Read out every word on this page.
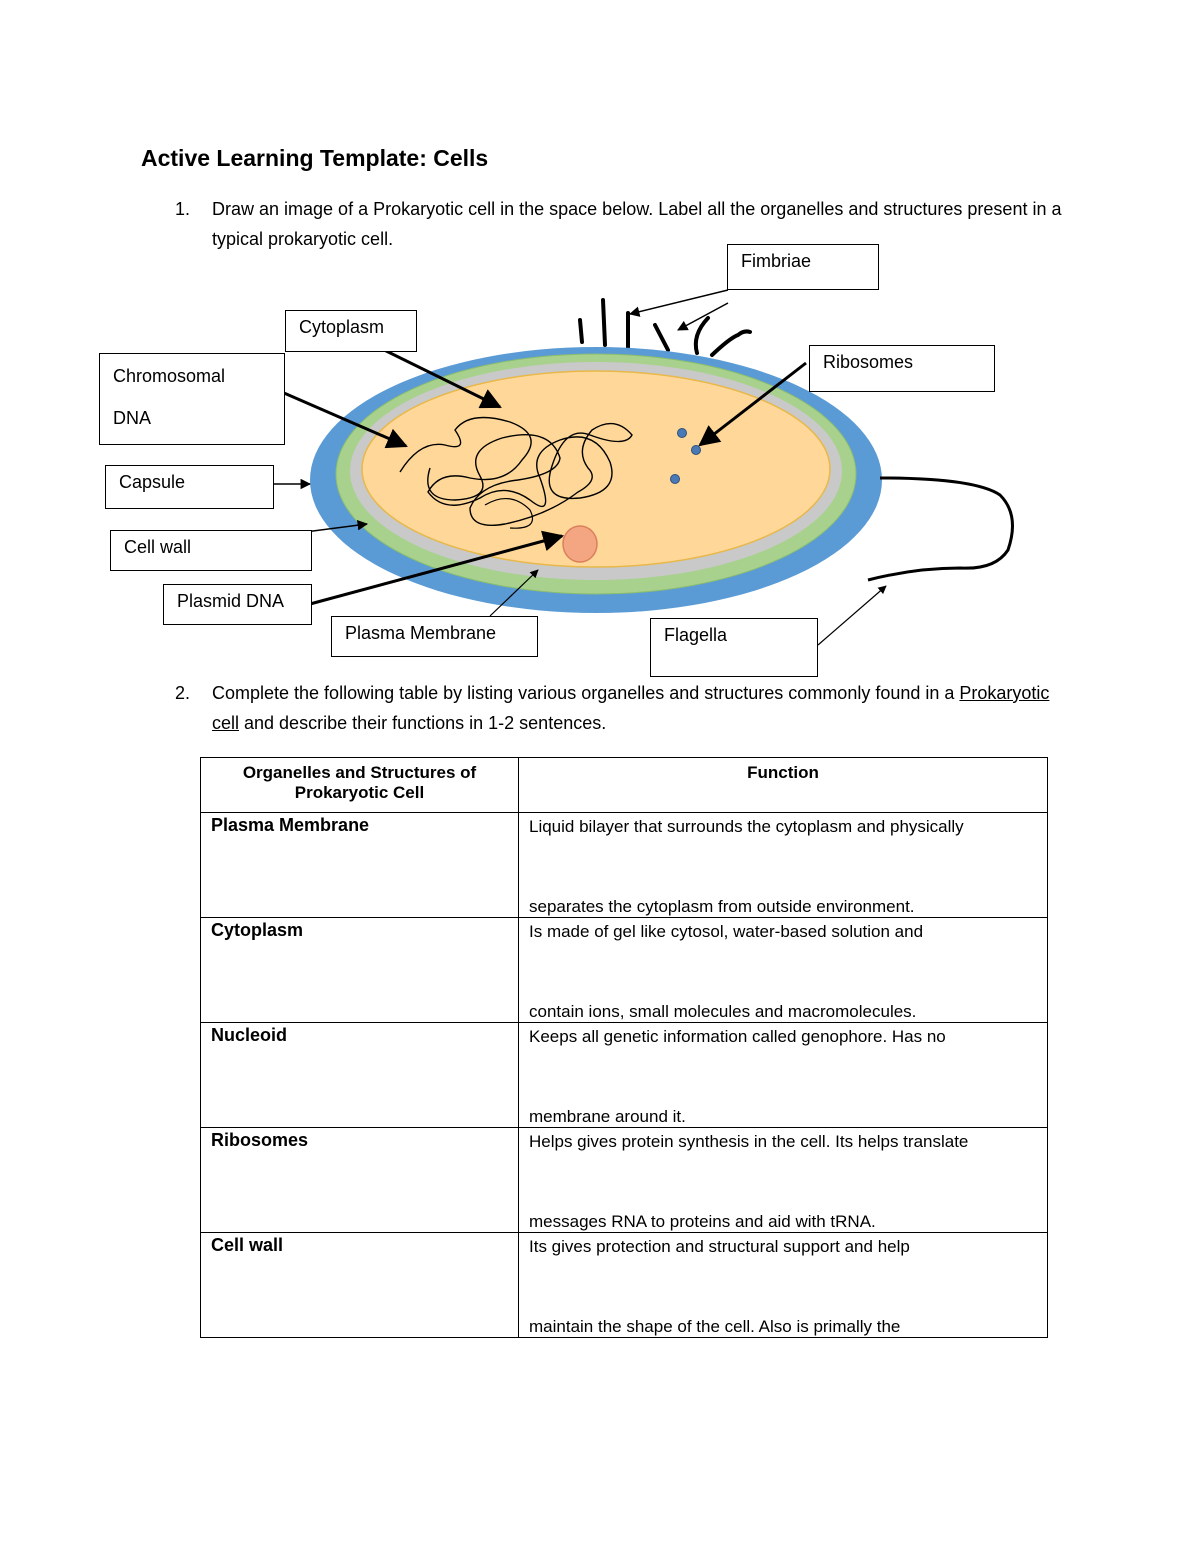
Active Learning Template: Cells
1. Draw an image of a Prokaryotic cell in the space below. Label all the organelles and structures present in a typical prokaryotic cell.
Fimbriae
Cytoplasm
Ribosomes
Chromosomal
DNA
Capsule
Cell wall
Plasmid DNA
Plasma Membrane	Flagella
2. Complete the following table by listing various organelles and structures commonly found in a Prokaryotic cell and describe their functions in 1-2 sentences.
Organelles and Structures of Prokaryotic Cell	Function
Plasma Membrane	Liquid bilayer that surrounds the cytoplasm and physically
separates the cytoplasm from outside environment.

Cytoplasm	Is made of gel like cytosol, water-based solution and
contain ions, small molecules and macromolecules.

Nucleoid	Keeps all genetic information called genophore. Has no
membrane around it.

Ribosomes	Helps gives protein synthesis in the cell. Its helps translate
messages RNA to proteins and aid with tRNA.

Cell wall	Its gives protection and structural support and help
maintain the shape of the cell. Also is primally the
